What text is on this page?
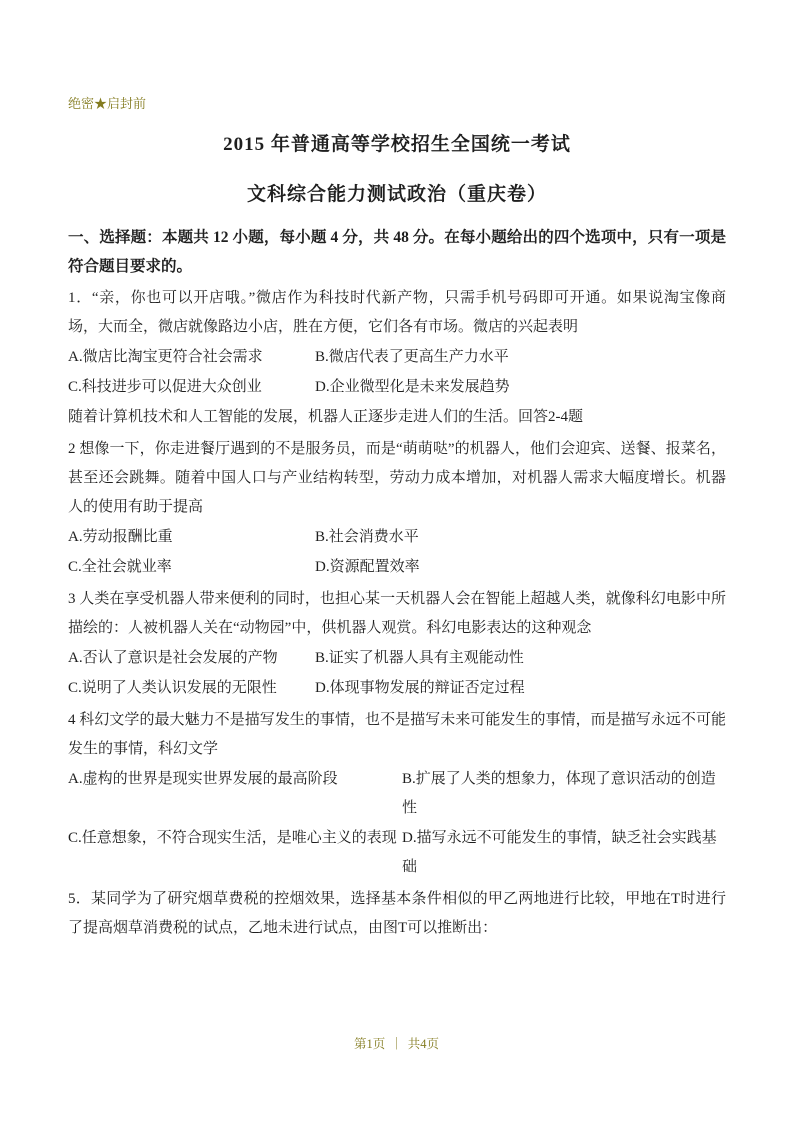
绝密★启封前
2015 年普通高等学校招生全国统一考试
文科综合能力测试政治（重庆卷）

一、选择题：本题共 12 小题，每小题 4 分，共 48 分。在每小题给出的四个选项中，只有一项是符合题目要求的。

1．“亲，你也可以开店哦。”微店作为科技时代新产物，只需手机号码即可开通。如果说淘宝像商场，大而全，微店就像路边小店，胜在方便，它们各有市场。微店的兴起表明

A.微店比淘宝更符合社会需求	B.微店代表了更高生产力水平
C.科技进步可以促进大众创业	D.企业微型化是未来发展趋势

随着计算机技术和人工智能的发展，机器人正逐步走进人们的生活。回答2-4题

2 想像一下，你走进餐厅遇到的不是服务员，而是“萌萌哒”的机器人，他们会迎宾、送餐、报菜名，甚至还会跳舞。随着中国人口与产业结构转型，劳动力成本增加，对机器人需求大幅度增长。机器人的使用有助于提高

A.劳动报酬比重	B.社会消费水平
C.全社会就业率	D.资源配置效率

3 人类在享受机器人带来便利的同时，也担心某一天机器人会在智能上超越人类，就像科幻电影中所描绘的：人被机器人关在“动物园”中，供机器人观赏。科幻电影表达的这种观念

A.否认了意识是社会发展的产物	B.证实了机器人具有主观能动性
C.说明了人类认识发展的无限性	D.体现事物发展的辩证否定过程

4 科幻文学的最大魅力不是描写发生的事情，也不是描写未来可能发生的事情，而是描写永远不可能发生的事情，科幻文学

A.虚构的世界是现实世界发展的最高阶段	B.扩展了人类的想象力，体现了意识活动的创造性
C.任意想象，不符合现实生活，是唯心主义的表现 D.描写永远不可能发生的事情，缺乏社会实践基础

5．某同学为了研究烟草费税的控烟效果，选择基本条件相似的甲乙两地进行比较，甲地在T时进行了提高烟草消费税的试点，乙地未进行试点，由图T可以推断出：

第1页 ｜ 共4页
